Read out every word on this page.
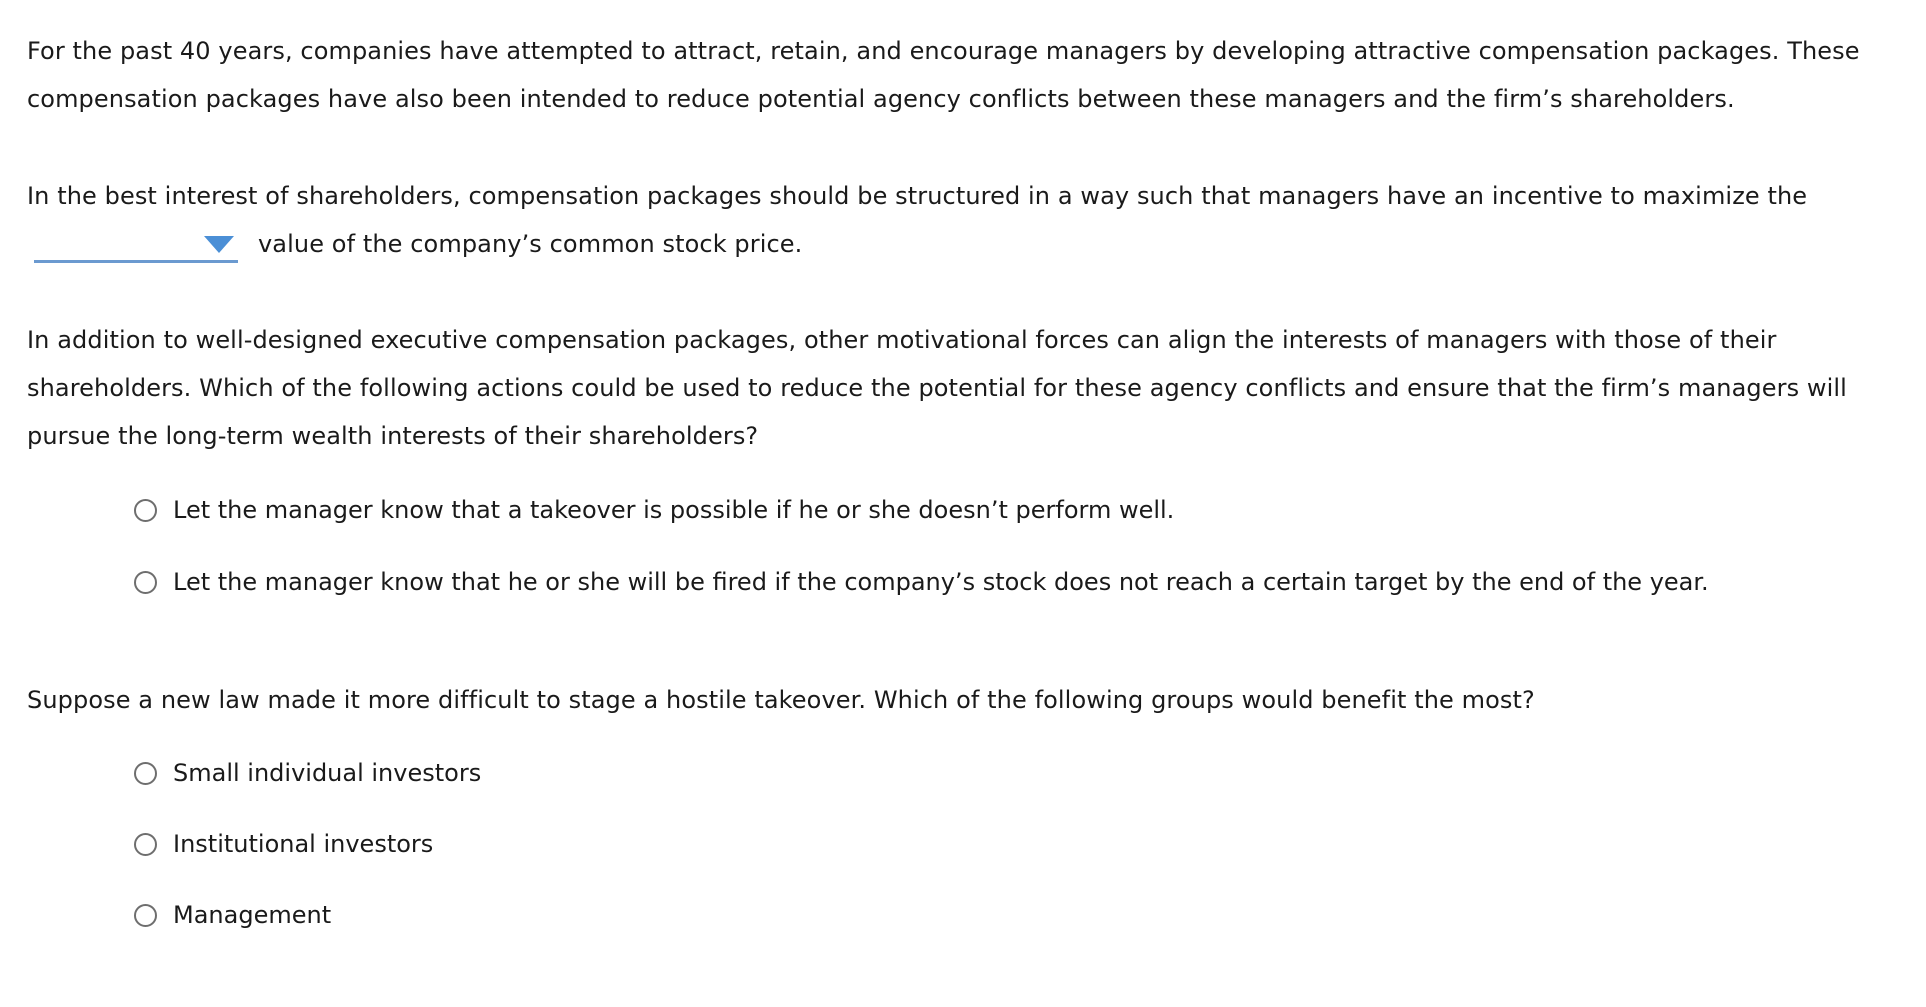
For the past 40 years, companies have attempted to attract, retain, and encourage managers by developing attractive compensation packages. These compensation packages have also been intended to reduce potential agency conflicts between these managers and the firm’s shareholders.
In the best interest of shareholders, compensation packages should be structured in a way such that managers have an incentive to maximize the
value of the company’s common stock price.
In addition to well-designed executive compensation packages, other motivational forces can align the interests of managers with those of their shareholders. Which of the following actions could be used to reduce the potential for these agency conflicts and ensure that the firm’s managers will pursue the long-term wealth interests of their shareholders?
Let the manager know that a takeover is possible if he or she doesn’t perform well.
Let the manager know that he or she will be fired if the company’s stock does not reach a certain target by the end of the year.
Suppose a new law made it more difficult to stage a hostile takeover. Which of the following groups would benefit the most?
Small individual investors
Institutional investors
Management
